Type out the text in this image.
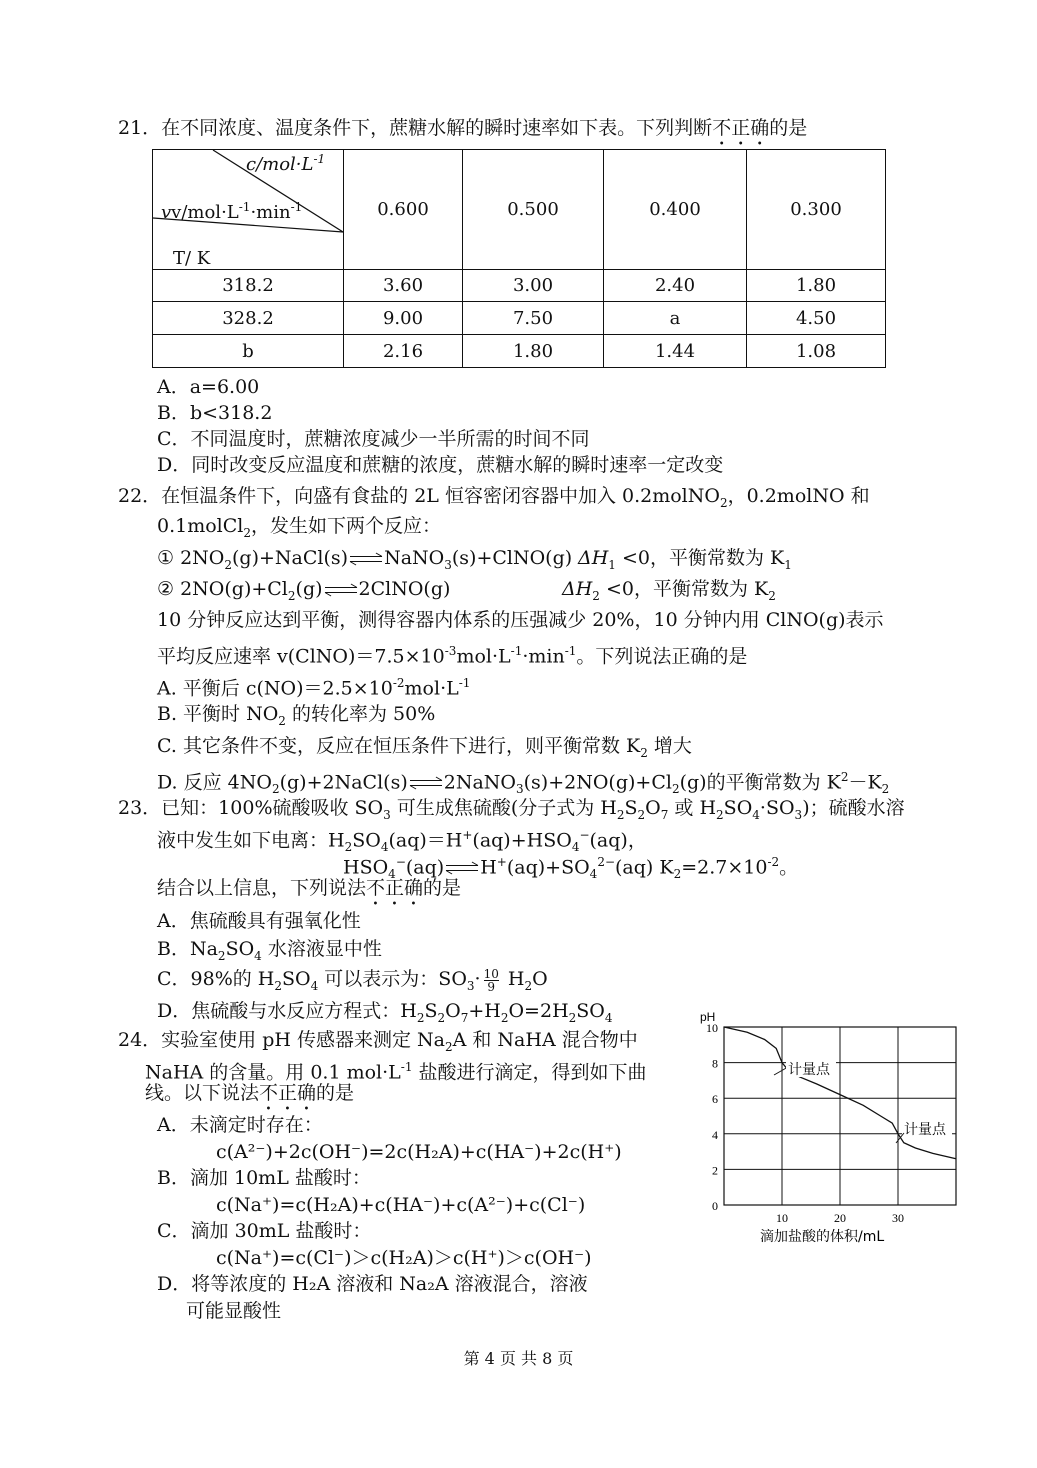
21．在不同浓度、温度条件下，蔗糖水解的瞬时速率如下表。下列判断不正确的是
$c/mol\cdot L^{-1}$
$vv/mol\cdot L^{-1}\cdot\min^{-1}$
T/ K	0.600	0.500	0.400	0.300
318.2	3.60	3.00	2.40	1.80
328.2	9.00	7.50	a	4.50
b	2.16	1.80	1.44	1.08
A．a=6.00
B．b<318.2
C．不同温度时，蔗糖浓度减少一半所需的时间不同
D．同时改变反应温度和蔗糖的浓度，蔗糖水解的瞬时速率一定改变
22．在恒温条件下，向盛有食盐的 2L 恒容密闭容器中加入 0.2molNO$_2$，0.2molNO 和
0.1molCl$_2$，发生如下两个反应：
① $2NO_2(g)+NaCl(s)$ NaNO$_3$(s)+ClNO(g) $\Delta H_1 <0$，平衡常数为 $K_1$
② $2NO(g)+Cl_2(g)$ 2ClNO(g)	$\Delta H_2 <0$，平衡常数为 $K_2$
10 分钟反应达到平衡，测得容器内体系的压强减少 20%，10 分钟内用 ClNO(g)表示
平均反应速率 $v(ClNO)=7.5\times 10^{-3}mol\cdot L^{-1}\cdot\min^{-1}$。下列说法正确的是
A. 平衡后 $c(NO)=2.5\times 10^{-2}mol\cdot L^{-1}$
B. 平衡时 $NO_2$ 的转化率为 50%
C. 其它条件不变，反应在恒压条件下进行，则平衡常数 $K_2$ 增大
D. 反应 $4NO_2(g)+2NaCl(s)$ $2NaNO_3(s)+2NO(g)+Cl_2(g)$的平衡常数为 $K^2-K_2$
23．已知：100%硫酸吸收 $SO_3$ 可生成焦硫酸(分子式为 $H_2S_2O_7$ 或 $H_2SO_4\cdot SO_3$)；硫酸水溶
液中发生如下电离：$H_2SO_4(aq)=H^+(aq)+HSO_4^-(aq)$，
$HSO_4^-(aq)$ $H^+(aq)+SO_4^{2-}(aq)$ $K_2=2.7\times 10^{-2}$。
结合以上信息，下列说法不正确的是
A．焦硫酸具有强氧化性
B．$Na_2SO_4$ 水溶液显中性
C．98%的 $H_2SO_4$ 可以表示为：$SO_3\cdot \frac{10}{9} H_2O$
D．焦硫酸与水反应方程式：$H_2S_2O_7+H_2O=2H_2SO_4$
24．实验室使用 pH 传感器来测定 $Na_2A$ 和 NaHA 混合物中
NaHA 的含量。用 0.1 $mol\cdot L^{-1}$ 盐酸进行滴定，得到如下曲
线。以下说法不正确的是
A．未滴定时存在：
c(A²⁻)+2c(OH⁻)=2c(H₂A)+c(HA⁻)+2c(H⁺)
B．滴加 10mL 盐酸时：
c(Na⁺)=c(H₂A)+c(HA⁻)+c(A²⁻)+c(Cl⁻)
C．滴加 30mL 盐酸时：
c(Na⁺)=c(Cl⁻)＞c(H₂A)＞c(H⁺)＞c(OH⁻)
D．将等浓度的 H₂A 溶液和 Na₂A 溶液混合，溶液
可能显酸性
0
2
4
6
8
10
10	20	30
pH
滴加盐酸的体积/mL
计量点
计量点
第 4 页 共 8 页
